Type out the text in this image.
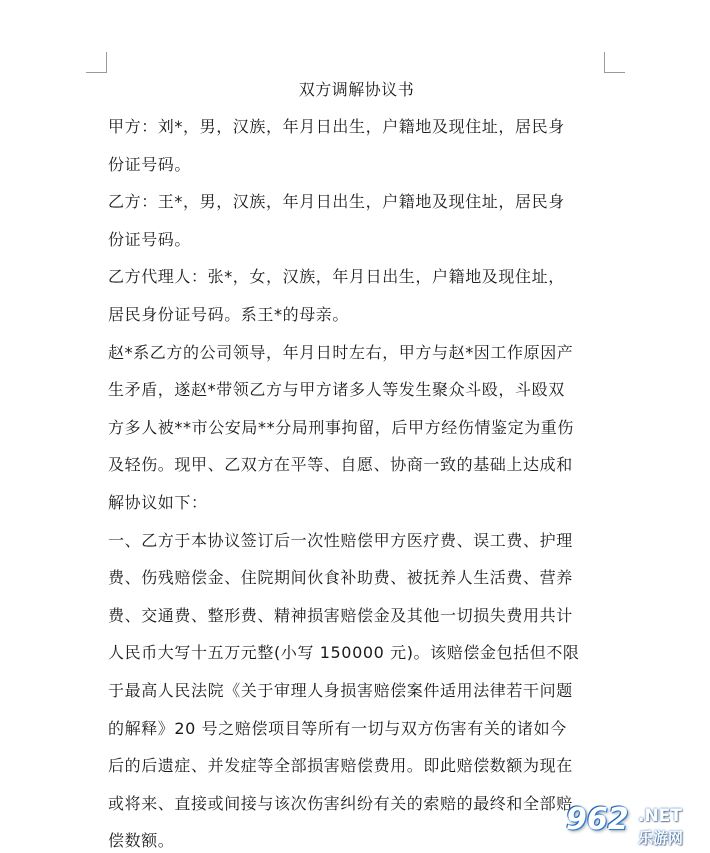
双方调解协议书

甲方：刘*，男，汉族，年月日出生，户籍地及现住址，居民身

份证号码。

乙方：王*，男，汉族，年月日出生，户籍地及现住址，居民身

份证号码。

乙方代理人：张*，女，汉族，年月日出生，户籍地及现住址，

居民身份证号码。系王*的母亲。

赵*系乙方的公司领导，年月日时左右，甲方与赵*因工作原因产

生矛盾，遂赵*带领乙方与甲方诸多人等发生聚众斗殴，斗殴双

方多人被**市公安局**分局刑事拘留，后甲方经伤情鉴定为重伤

及轻伤。现甲、乙双方在平等、自愿、协商一致的基础上达成和

解协议如下：

一、乙方于本协议签订后一次性赔偿甲方医疗费、误工费、护理

费、伤残赔偿金、住院期间伙食补助费、被抚养人生活费、营养

费、交通费、整形费、精神损害赔偿金及其他一切损失费用共计

人民币大写十五万元整(小写 150000 元)。该赔偿金包括但不限

于最高人民法院《关于审理人身损害赔偿案件适用法律若干问题

的解释》20 号之赔偿项目等所有一切与双方伤害有关的诸如今

后的后遗症、并发症等全部损害赔偿费用。即此赔偿数额为现在

或将来、直接或间接与该次伤害纠纷有关的索赔的最终和全部赔

偿数额。

962 .NET
乐游网
